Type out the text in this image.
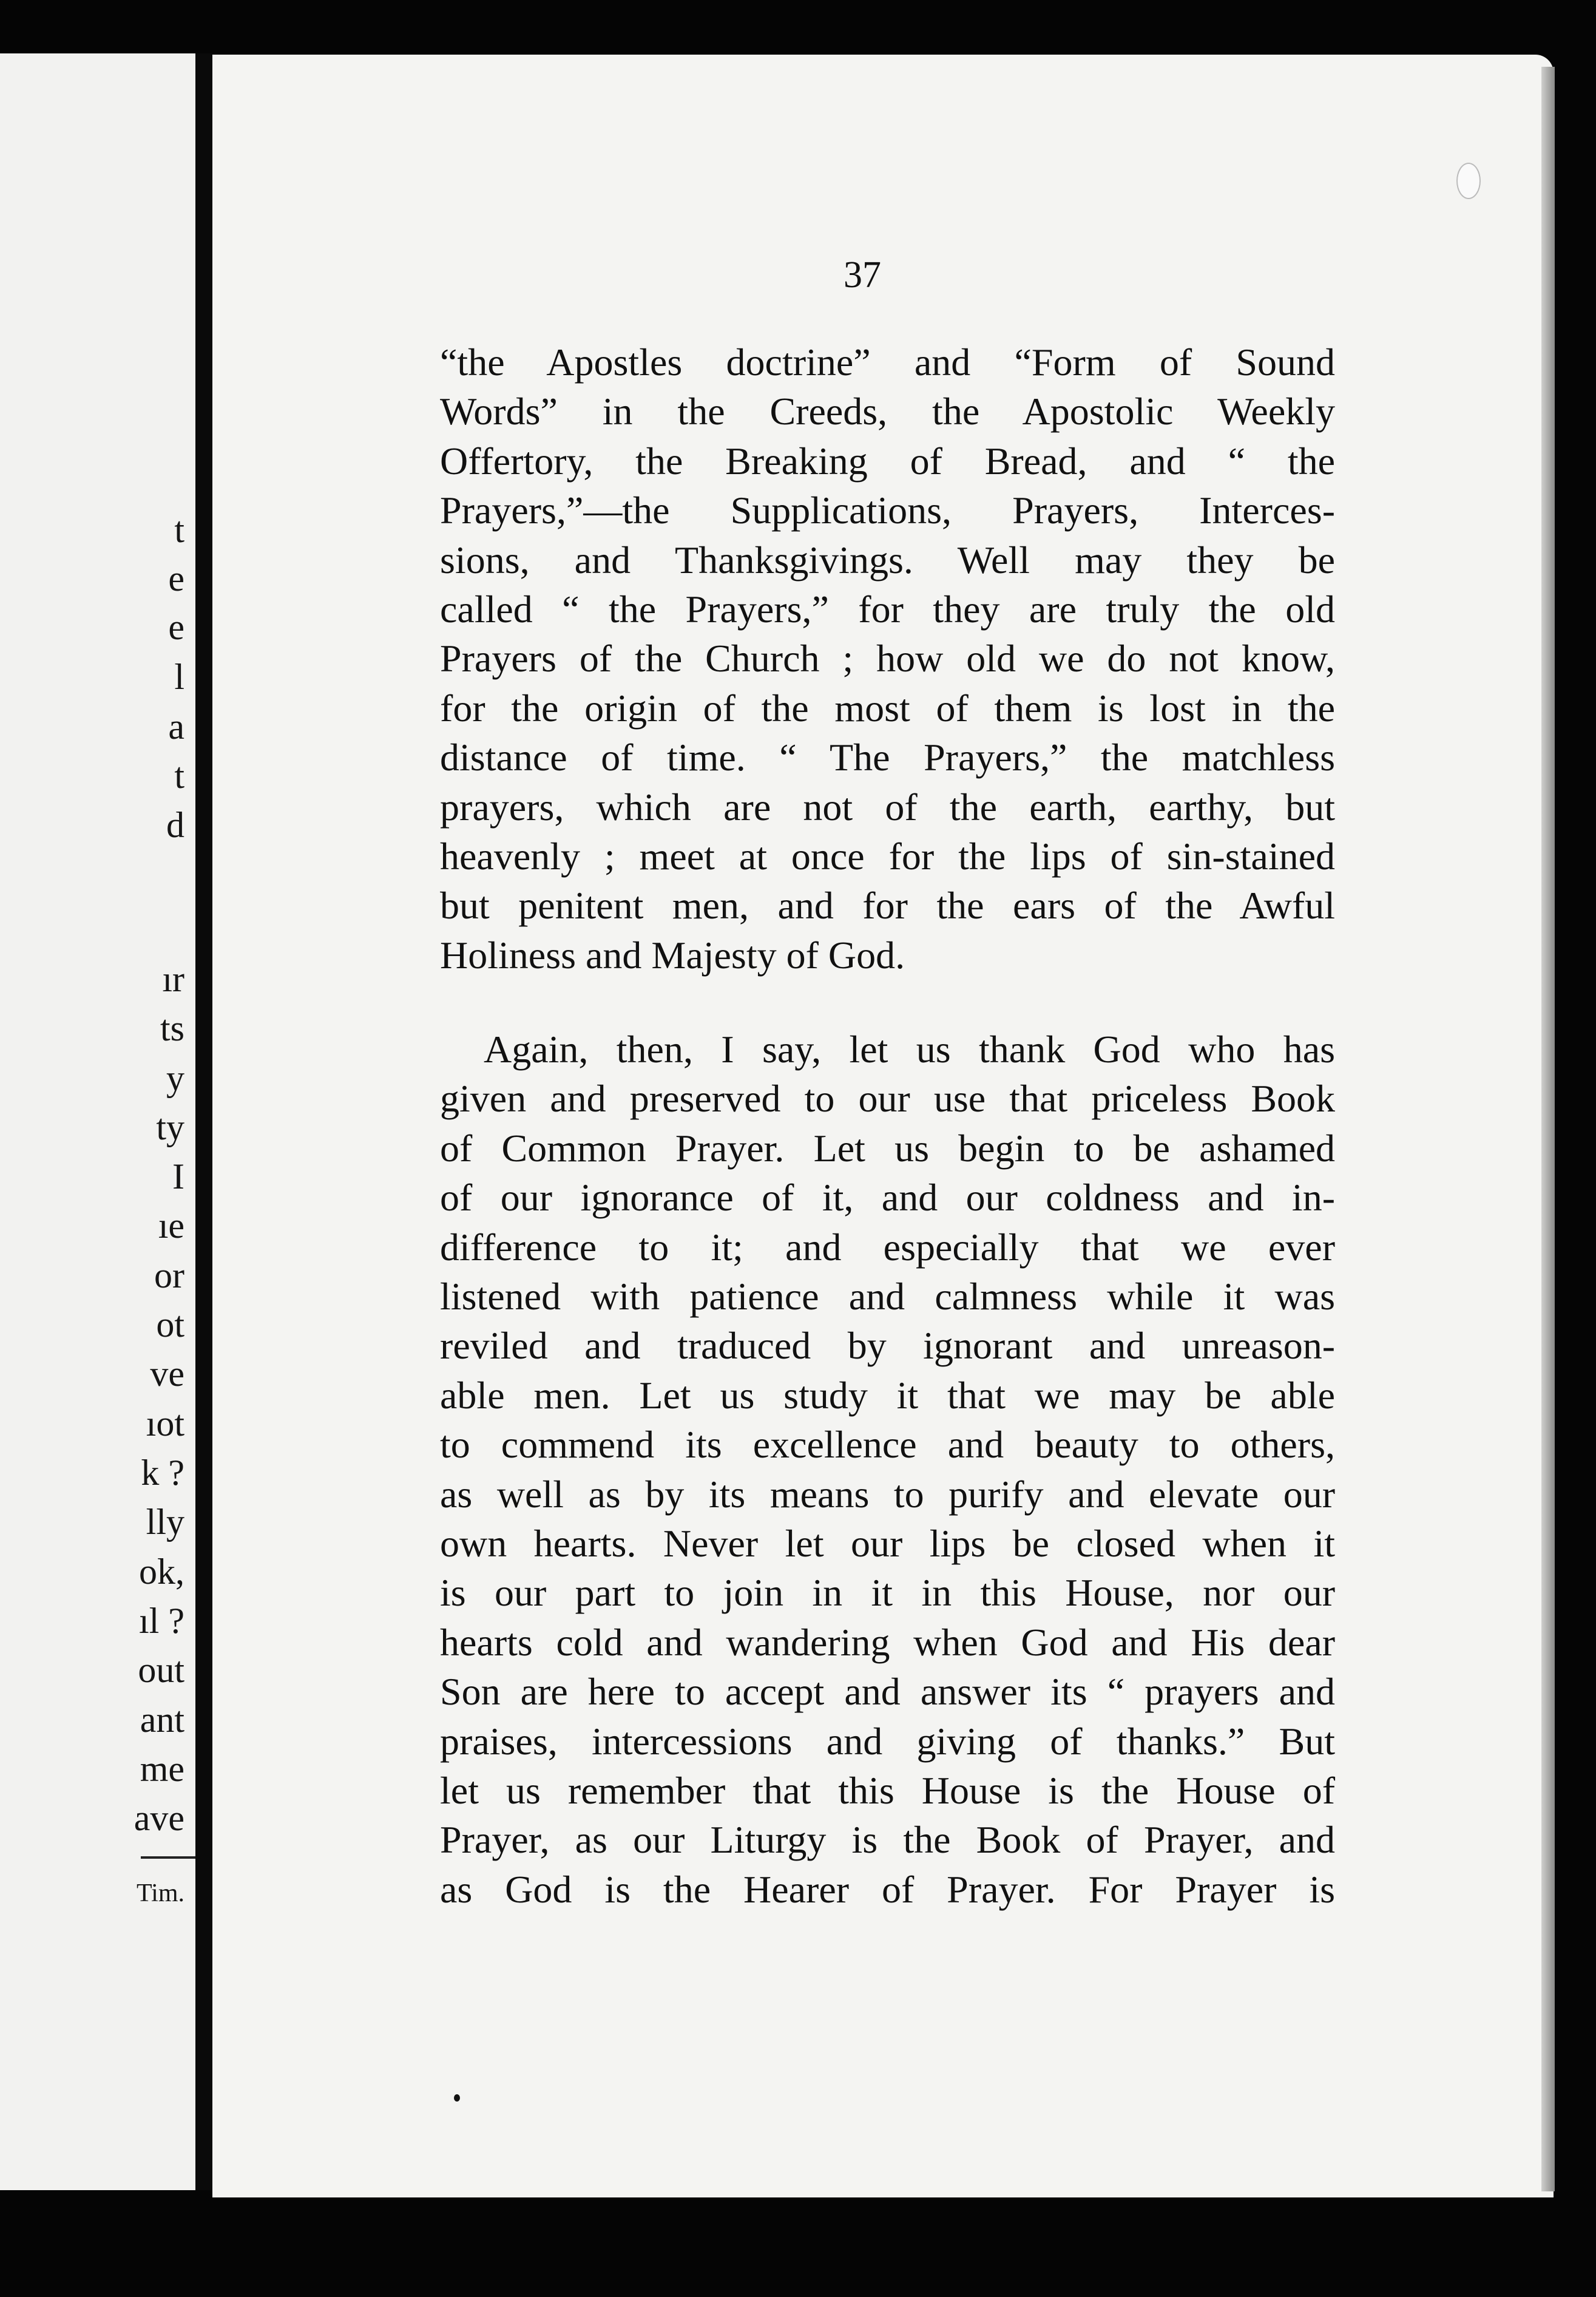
t
e
e
l
a
t
d
ır
ts
y
ty
I
ıe
or
ot
ve
ıot
k ?
lly
ok,
ıl ?
out
ant
me
ave
Tim.
37
“the Apostles doctrine” and “Form of Sound
Words” in the Creeds, the Apostolic Weekly
Offertory, the Breaking of Bread, and “ the
Prayers,”—the Supplications, Prayers, Interces-
sions, and Thanksgivings. Well may they be
called “ the Prayers,” for they are truly the old
Prayers of the Church ; how old we do not know,
for the origin of the most of them is lost in the
distance of time. “ The Prayers,” the matchless
prayers, which are not of the earth, earthy, but
heavenly ; meet at once for the lips of sin-stained
but penitent men, and for the ears of the Awful
Holiness and Majesty of God.
Again, then, I say, let us thank God who has
given and preserved to our use that priceless Book
of Common Prayer. Let us begin to be ashamed
of our ignorance of it, and our coldness and in-
difference to it; and especially that we ever
listened with patience and calmness while it was
reviled and traduced by ignorant and unreason-
able men. Let us study it that we may be able
to commend its excellence and beauty to others,
as well as by its means to purify and elevate our
own hearts. Never let our lips be closed when it
is our part to join in it in this House, nor our
hearts cold and wandering when God and His dear
Son are here to accept and answer its “ prayers and
praises, intercessions and giving of thanks.” But
let us remember that this House is the House of
Prayer, as our Liturgy is the Book of Prayer, and
as God is the Hearer of Prayer. For Prayer is
